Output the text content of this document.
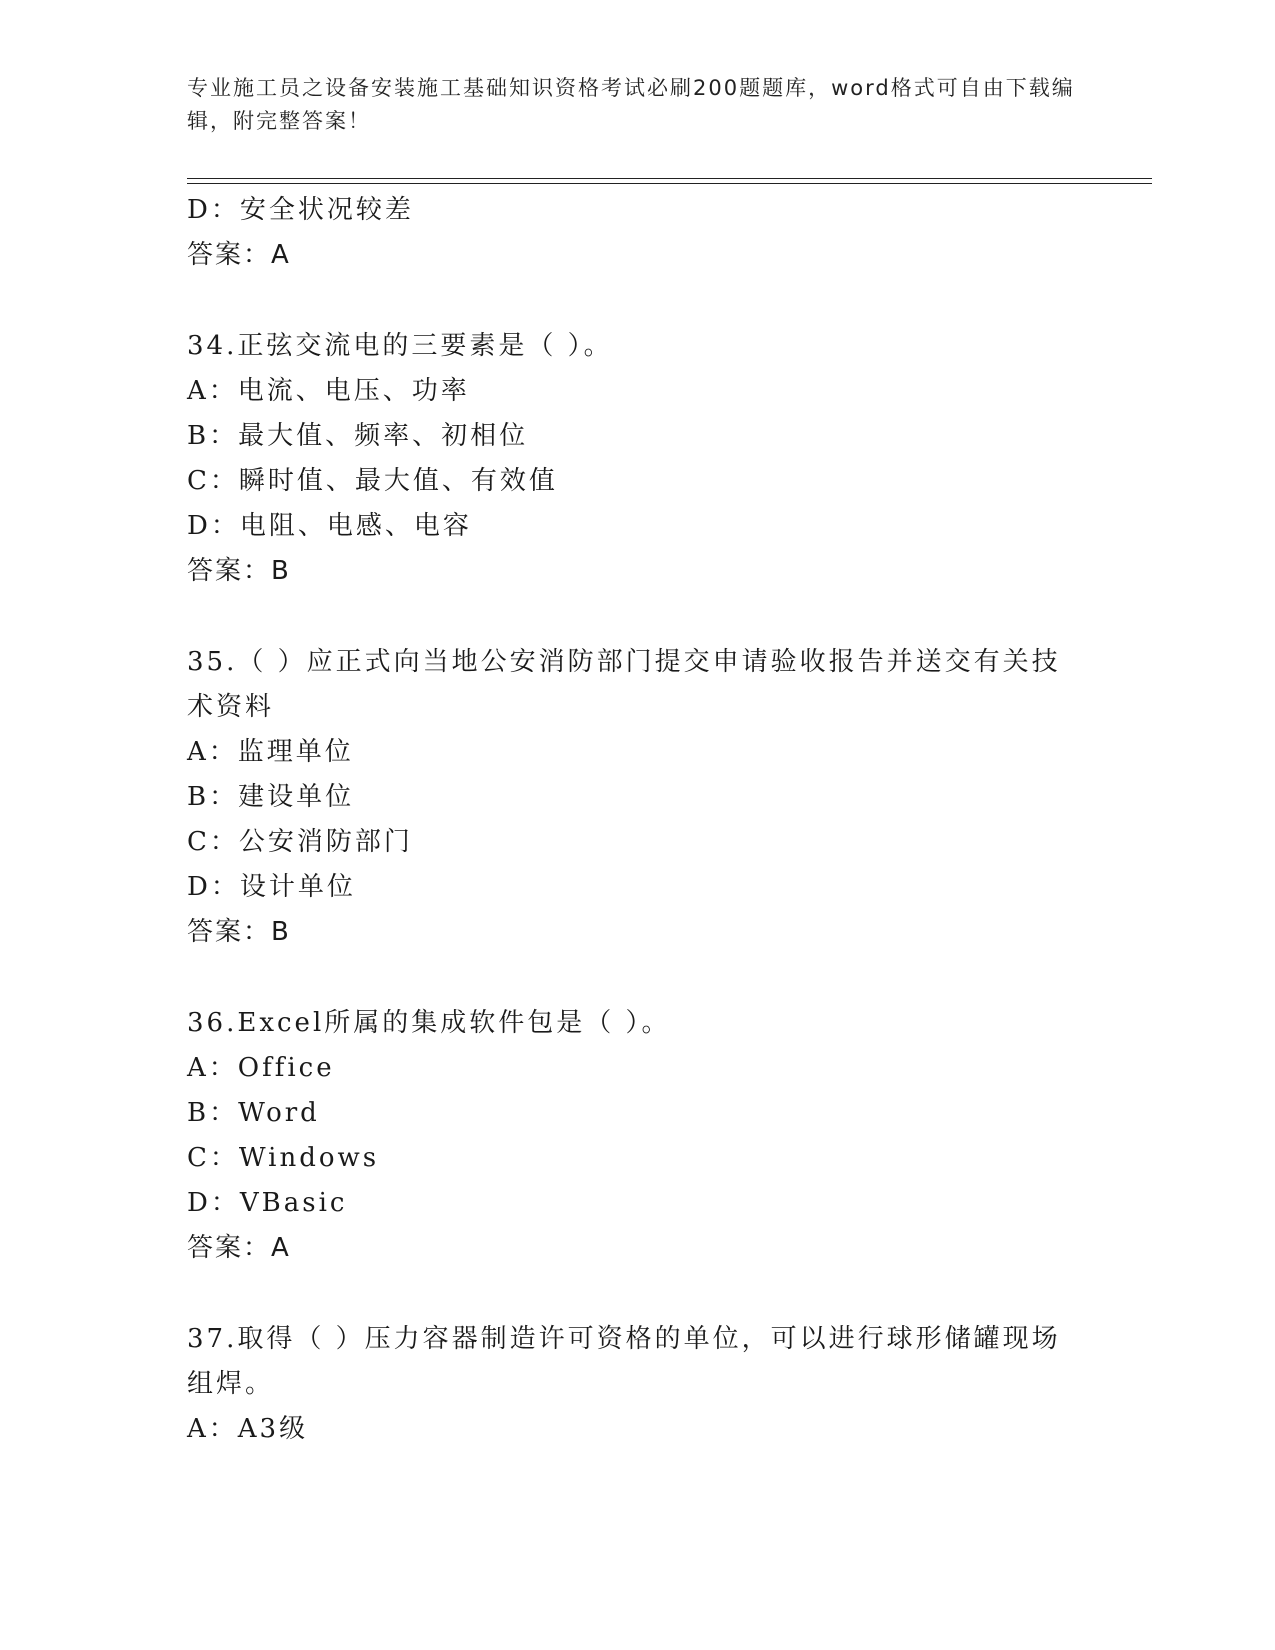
专业施工员之设备安装施工基础知识资格考试必刷200题题库，word格式可自由下载编辑，附完整答案！
D：安全状况较差
答案：A
34.正弦交流电的三要素是（ ）。
A：电流、电压、功率
B：最大值、频率、初相位
C：瞬时值、最大值、有效值
D：电阻、电感、电容
答案：B
35.（ ）应正式向当地公安消防部门提交申请验收报告并送交有关技
术资料
A：监理单位
B：建设单位
C：公安消防部门
D：设计单位
答案：B
36.Excel所属的集成软件包是（ ）。
A：Office
B：Word
C：Windows
D：VBasic
答案：A
37.取得（ ）压力容器制造许可资格的单位，可以进行球形储罐现场
组焊。
A：A3级
